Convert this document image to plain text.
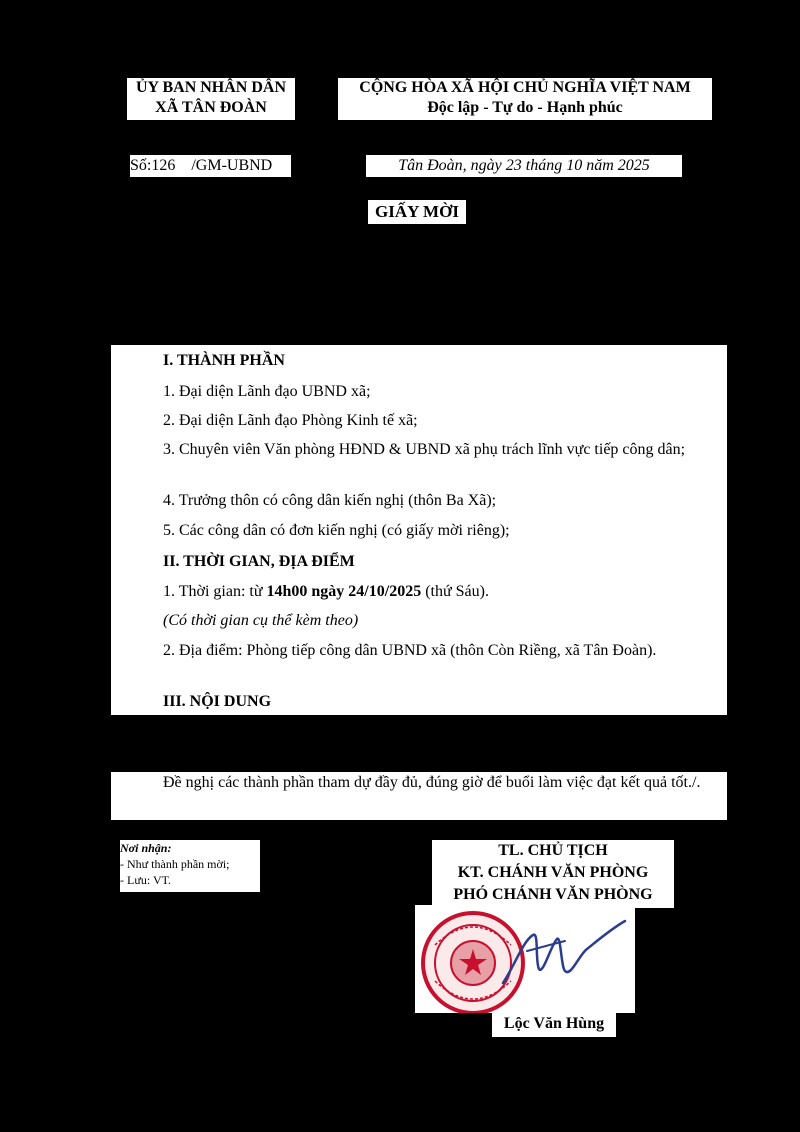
ỦY BAN NHÂN DÂN
XÃ TÂN ĐOÀN
CỘNG HÒA XÃ HỘI CHỦ NGHĨA VIỆT NAM
Độc lập - Tự do - Hạnh phúc
Số:126 /GM-UBND	Tân Đoàn, ngày 23 tháng 10 năm 2025
GIẤY MỜI
I. THÀNH PHẦN
1. Đại diện Lãnh đạo UBND xã;
2. Đại diện Lãnh đạo Phòng Kinh tế xã;
3. Chuyên viên Văn phòng HĐND & UBND xã phụ trách lĩnh vực tiếp công dân;
4. Trưởng thôn có công dân kiến nghị (thôn Ba Xã);
5. Các công dân có đơn kiến nghị (có giấy mời riêng);
II. THỜI GIAN, ĐỊA ĐIỂM
1. Thời gian: từ 14h00 ngày 24/10/2025 (thứ Sáu).
(Có thời gian cụ thể kèm theo)
2. Địa điểm: Phòng tiếp công dân UBND xã (thôn Còn Riềng, xã Tân Đoàn).
III. NỘI DUNG
Đề nghị các thành phần tham dự đầy đủ, đúng giờ để buổi làm việc đạt kết quả tốt./.
Nơi nhận:
- Như thành phần mời;
- Lưu: VT.
TL. CHỦ TỊCH
KT. CHÁNH VĂN PHÒNG
PHÓ CHÁNH VĂN PHÒNG
Lộc Văn Hùng
